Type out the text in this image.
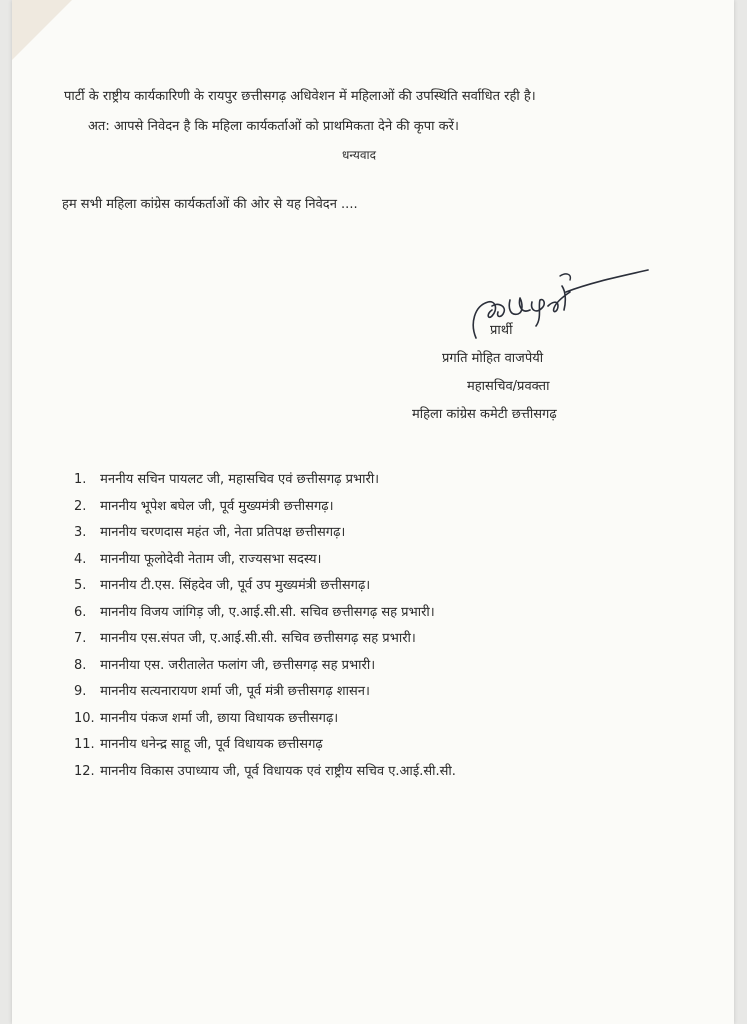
पार्टी के राष्ट्रीय कार्यकारिणी के रायपुर छत्तीसगढ़ अधिवेशन में महिलाओं की उपस्थिति सर्वाधित रही है।
अत: आपसे निवेदन है कि महिला कार्यकर्ताओं को प्राथमिकता देने की कृपा करें।
धन्यवाद
हम सभी महिला कांग्रेस कार्यकर्ताओं की ओर से यह निवेदन ....
प्रार्थी
प्रगति मोहित वाजपेयी
महासचिव/प्रवक्ता
महिला कांग्रेस कमेटी छत्तीसगढ़
1. मननीय सचिन पायलट जी, महासचिव एवं छत्तीसगढ़ प्रभारी।
2. माननीय भूपेश बघेल जी, पूर्व मुख्यमंत्री छत्तीसगढ़।
3. माननीय चरणदास महंत जी, नेता प्रतिपक्ष छत्तीसगढ़।
4. माननीया फूलोदेवी नेताम जी, राज्यसभा सदस्य।
5. माननीय टी.एस. सिंहदेव जी, पूर्व उप मुख्यमंत्री छत्तीसगढ़।
6. माननीय विजय जांगिड़ जी, ए.आई.सी.सी. सचिव छत्तीसगढ़ सह प्रभारी।
7. माननीय एस.संपत जी, ए.आई.सी.सी. सचिव छत्तीसगढ़ सह प्रभारी।
8. माननीया एस. जरीतालेत फलांग जी, छत्तीसगढ़ सह प्रभारी।
9. माननीय सत्यनारायण शर्मा जी, पूर्व मंत्री छत्तीसगढ़ शासन।
10. माननीय पंकज शर्मा जी, छाया विधायक छत्तीसगढ़।
11. माननीय धनेन्द्र साहू जी, पूर्व विधायक छत्तीसगढ़
12. माननीय विकास उपाध्याय जी, पूर्व विधायक एवं राष्ट्रीय सचिव ए.आई.सी.सी.
